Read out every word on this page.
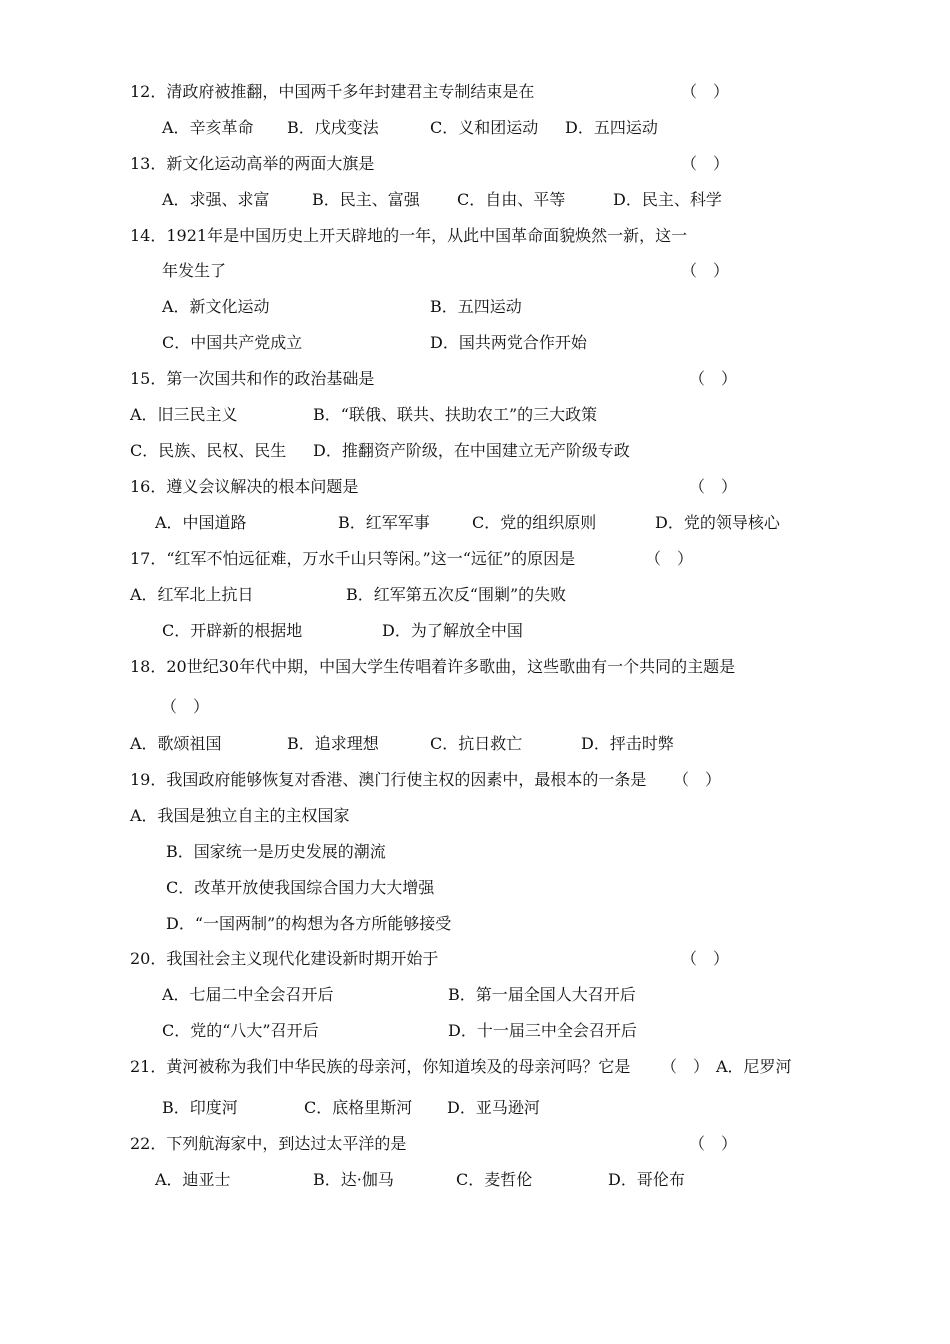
12．清政府被推翻，中国两千多年封建君主专制结束是在	（　）
A．辛亥革命 B．戊戌变法	C．义和团运动 D．五四运动
13．新文化运动高举的两面大旗是	（　）
A．求强、求富	B．民主、富强 C．自由、平等	D．民主、科学
14．1921年是中国历史上开天辟地的一年，从此中国革命面貌焕然一新，这一
年发生了	（　）
A．新文化运动	B．五四运动
C．中国共产党成立	D．国共两党合作开始
15．第一次国共和作的政治基础是	（　）
A．旧三民主义	B．“联俄、联共、扶助农工”的三大政策
C．民族、民权、民生 D．推翻资产阶级，在中国建立无产阶级专政
16．遵义会议解决的根本问题是	（　）
A．中国道路	B．红军军事	C．党的组织原则	D．党的领导核心
17．“红军不怕远征难，万水千山只等闲。”这一“远征”的原因是	（　）
A．红军北上抗日	B．红军第五次反“围剿”的失败
C．开辟新的根据地	D．为了解放全中国
18．20世纪30年代中期，中国大学生传唱着许多歌曲，这些歌曲有一个共同的主题是
（　）
A．歌颂祖国	B．追求理想	C．抗日救亡	D．抨击时弊
19．我国政府能够恢复对香港、澳门行使主权的因素中，最根本的一条是 （　）
A．我国是独立自主的主权国家
B．国家统一是历史发展的潮流
C．改革开放使我国综合国力大大增强
D．“一国两制”的构想为各方所能够接受
20．我国社会主义现代化建设新时期开始于	（　）
A．七届二中全会召开后	B．第一届全国人大召开后
C．党的“八大”召开后	D．十一届三中全会召开后
21．黄河被称为我们中华民族的母亲河，你知道埃及的母亲河吗？它是 （　） A．尼罗河
B．印度河	C．底格里斯河 D．亚马逊河
22．下列航海家中，到达过太平洋的是	（　）
A．迪亚士	B．达·伽马	C．麦哲伦	D．哥伦布
